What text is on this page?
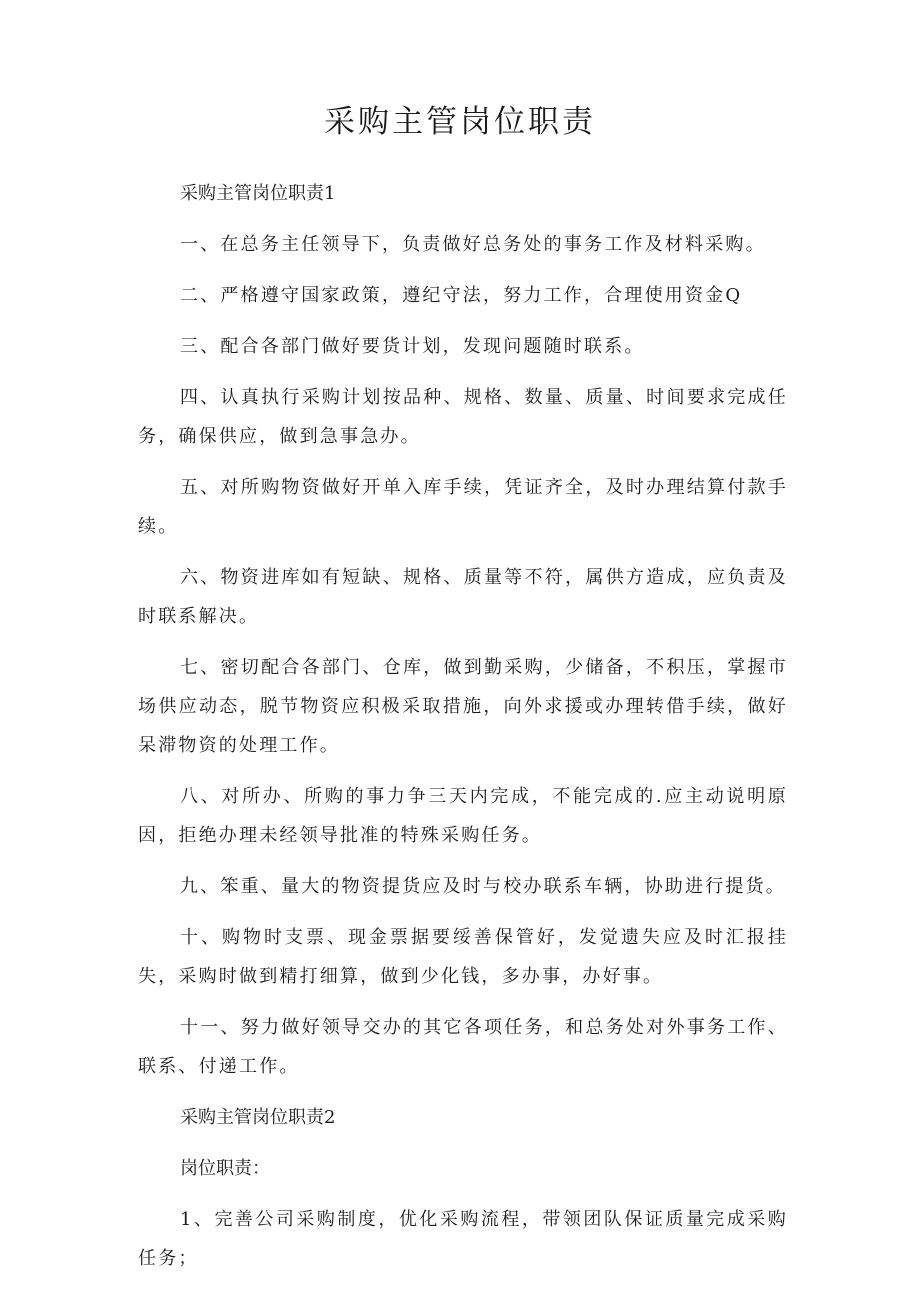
采购主管岗位职责

采购主管岗位职责1

一、在总务主任领导下，负责做好总务处的事务工作及材料采购。

二、严格遵守国家政策，遵纪守法，努力工作，合理使用资金Q

三、配合各部门做好要货计划，发现问题随时联系。

四、认真执行采购计划按品种、规格、数量、质量、时间要求完成任务，确保供应，做到急事急办。

五、对所购物资做好开单入库手续，凭证齐全，及时办理结算付款手续。

六、物资进库如有短缺、规格、质量等不符，属供方造成，应负责及时联系解决。

七、密切配合各部门、仓库，做到勤采购，少储备，不积压，掌握市场供应动态，脱节物资应积极采取措施，向外求援或办理转借手续，做好呆滞物资的处理工作。

八、对所办、所购的事力争三天内完成，不能完成的.应主动说明原因，拒绝办理未经领导批准的特殊采购任务。

九、笨重、量大的物资提货应及时与校办联系车辆，协助进行提货。

十、购物时支票、现金票据要绥善保管好，发觉遗失应及时汇报挂失，采购时做到精打细算，做到少化钱，多办事，办好事。

十一、努力做好领导交办的其它各项任务，和总务处对外事务工作、联系、付递工作。

采购主管岗位职责2

岗位职责：

1、完善公司采购制度，优化采购流程，带领团队保证质量完成采购任务；
